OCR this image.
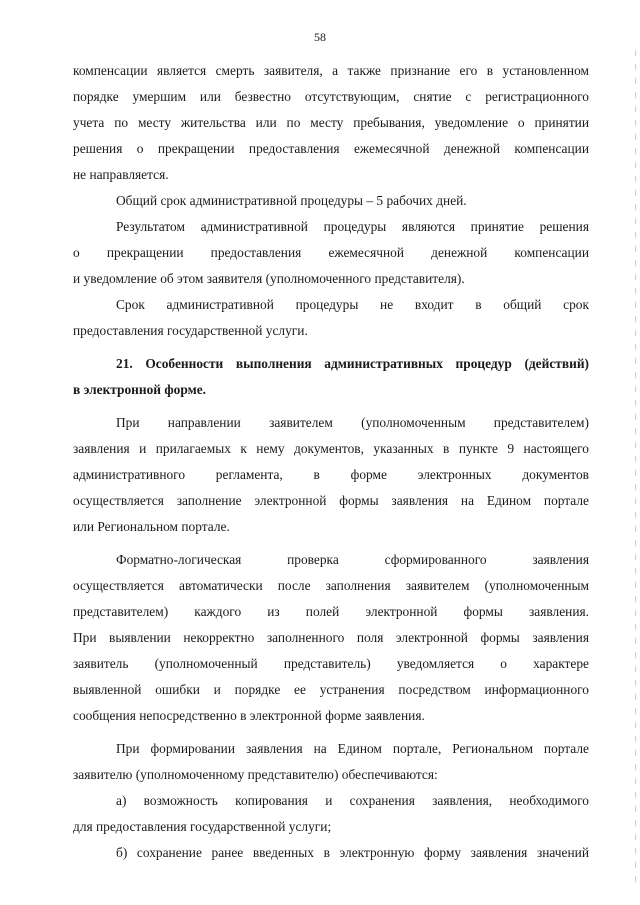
58
компенсации является смерть заявителя, а также признание его в установленном
порядке умершим или безвестно отсутствующим, снятие с регистрационного
учета по месту жительства или по месту пребывания, уведомление о принятии
решения о прекращении предоставления ежемесячной денежной компенсации
не направляется.
Общий срок административной процедуры – 5 рабочих дней.
Результатом административной процедуры являются принятие решения
о прекращении предоставления ежемесячной денежной компенсации
и уведомление об этом заявителя (уполномоченного представителя).
Срок административной процедуры не входит в общий срок
предоставления государственной услуги.
21. Особенности выполнения административных процедур (действий)
в электронной форме.
При направлении заявителем (уполномоченным представителем)
заявления и прилагаемых к нему документов, указанных в пункте 9 настоящего
административного регламента, в форме электронных документов
осуществляется заполнение электронной формы заявления на Едином портале
или Региональном портале.
Форматно-логическая проверка сформированного заявления
осуществляется автоматически после заполнения заявителем (уполномоченным
представителем) каждого из полей электронной формы заявления.
При выявлении некорректно заполненного поля электронной формы заявления
заявитель (уполномоченный представитель) уведомляется о характере
выявленной ошибки и порядке ее устранения посредством информационного
сообщения непосредственно в электронной форме заявления.
При формировании заявления на Едином портале, Региональном портале
заявителю (уполномоченному представителю) обеспечиваются:
а) возможность копирования и сохранения заявления, необходимого
для предоставления государственной услуги;
б) сохранение ранее введенных в электронную форму заявления значений
